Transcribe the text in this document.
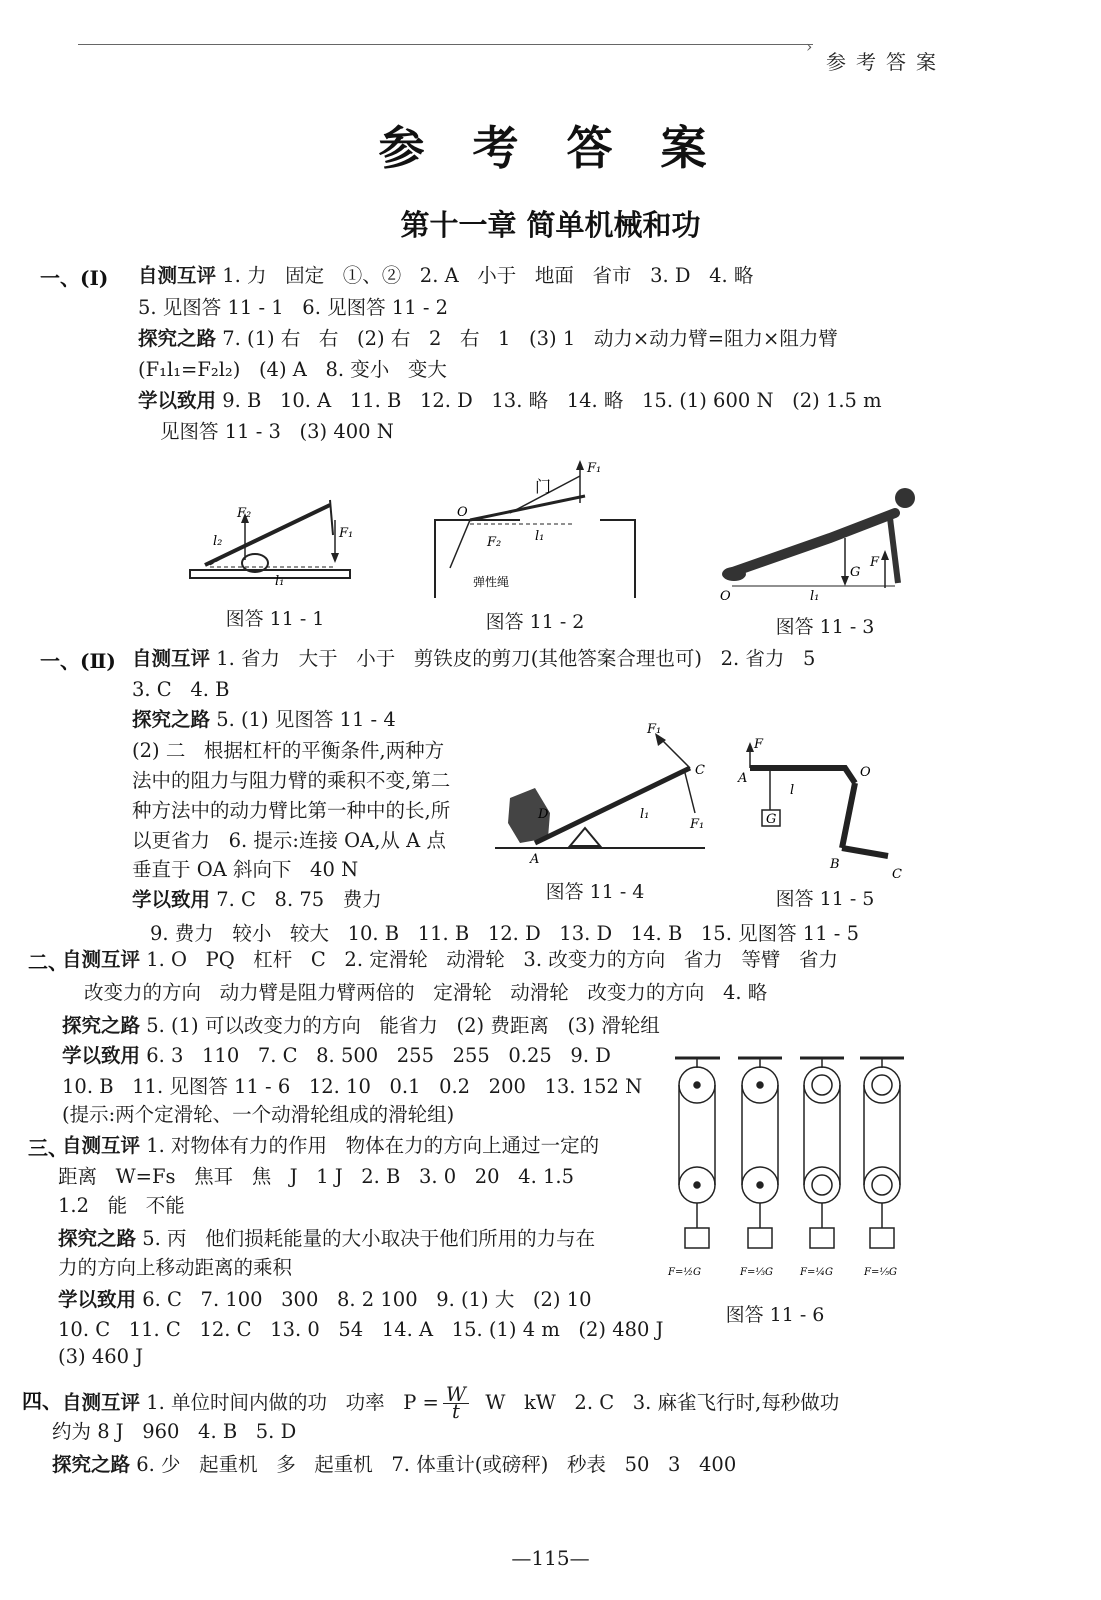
›
参考答案
参 考 答 案
第十一章 简单机械和功
一、(Ⅰ) 自测互评 1. 力   固定   ①、②   2. A   小于   地面   省市   3. D   4. 略
5. 见图答 11 - 1   6. 见图答 11 - 2
探究之路 7. (1) 右   右   (2) 右   2   右   1   (3) 1   动力×动力臂=阻力×阻力臂
(F₁l₁=F₂l₂)   (4) A   8. 变小   变大
学以致用 9. B   10. A   11. B   12. D   13. 略   14. 略   15. (1) 600 N   (2) 1.5 m
见图答 11 - 3   (3) 400 N
F₂
F₁
l₂
l₁
图答 11 - 1
O
F₁
F₂	l₁
门
弹性绳
图答 11 - 2
G
F
l₁
O
图答 11 - 3
一、(Ⅱ) 自测互评 1. 省力   大于   小于   剪铁皮的剪刀(其他答案合理也可)   2. 省力   5
3. C   4. B
探究之路 5. (1) 见图答 11 - 4
(2) 二   根据杠杆的平衡条件,两种方
法中的阻力与阻力臂的乘积不变,第二
种方法中的动力臂比第一种中的长,所
以更省力   6. 提示:连接 OA,从 A 点
垂直于 OA 斜向下   40 N
学以致用 7. C   8. 75   费力
9. 费力   较小   较大   10. B   11. B   12. D   13. D   14. B   15. 见图答 11 - 5
F₁
C
D	l₁
F₁
A
图答 11 - 4
G
F
A	O
l
B
C
图答 11 - 5
二、
自测互评 1. O   PQ   杠杆   C   2. 定滑轮   动滑轮   3. 改变力的方向   省力   等臂   省力
改变力的方向   动力臂是阻力臂两倍的   定滑轮   动滑轮   改变力的方向   4. 略
探究之路 5. (1) 可以改变力的方向   能省力   (2) 费距离   (3) 滑轮组
学以致用 6. 3   110   7. C   8. 500   255   255   0.25   9. D
10. B   11. 见图答 11 - 6   12. 10   0.1   0.2   200   13. 152 N
(提示:两个定滑轮、一个动滑轮组成的滑轮组)
三、
自测互评 1. 对物体有力的作用   物体在力的方向上通过一定的
距离   W=Fs   焦耳   焦   J   1 J   2. B   3. 0   20   4. 1.5
1.2   能   不能
探究之路 5. 丙   他们损耗能量的大小取决于他们所用的力与在
力的方向上移动距离的乘积
学以致用 6. C   7. 100   300   8. 2 100   9. (1) 大   (2) 10
10. C   11. C   12. C   13. 0   54   14. A   15. (1) 4 m   (2) 480 J
(3) 460 J
F=½G	F=⅓G	F=¼G	F=⅕G
图答 11 - 6
四、 自测互评 1. 单位时间内做的功   功率   $P = \frac{W}{t}$ W   kW   2. C   3. 麻雀飞行时,每秒做功
约为 8 J   960   4. B   5. D
探究之路 6. 少   起重机   多   起重机   7. 体重计(或磅秤)   秒表   50   3   400
—115—
